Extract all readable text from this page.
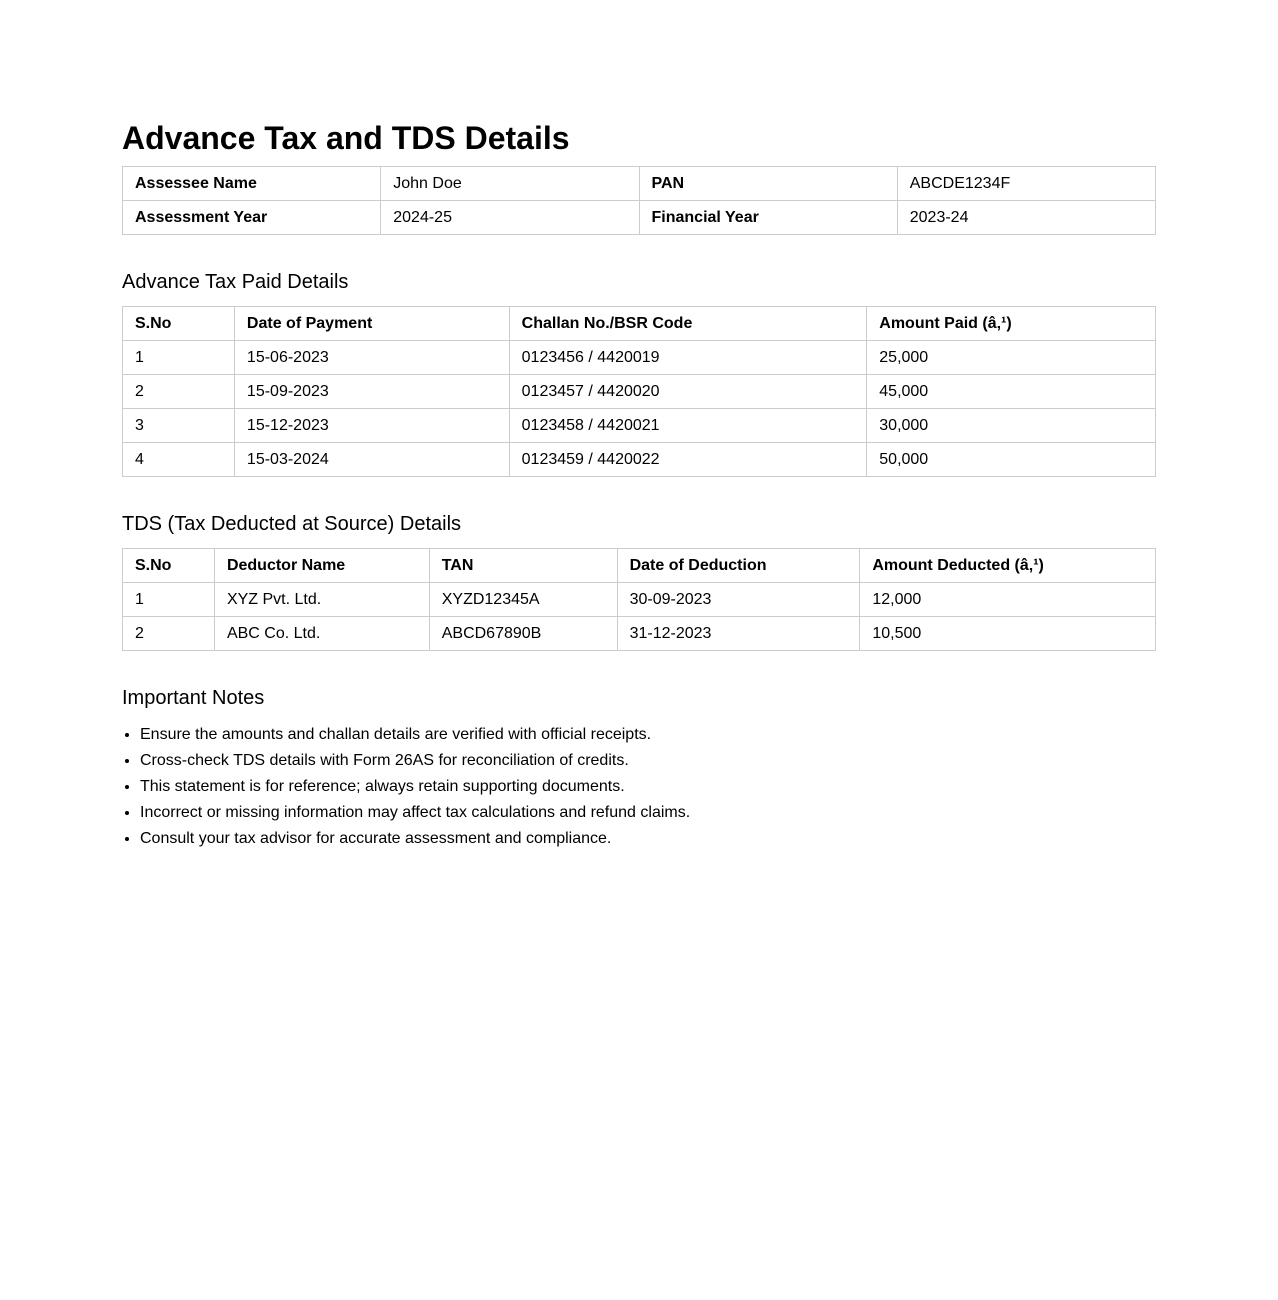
Advance Tax and TDS Details
Assessee Name	John Doe	PAN	ABCDE1234F
Assessment Year	2024-25	Financial Year	2023-24
Advance Tax Paid Details
S.No	Date of Payment	Challan No./BSR Code	Amount Paid (â‚¹)
1	15-06-2023	0123456 / 4420019	25,000
2	15-09-2023	0123457 / 4420020	45,000
3	15-12-2023	0123458 / 4420021	30,000
4	15-03-2024	0123459 / 4420022	50,000
TDS (Tax Deducted at Source) Details
S.No	Deductor Name	TAN	Date of Deduction	Amount Deducted (â‚¹)
1	XYZ Pvt. Ltd.	XYZD12345A	30-09-2023	12,000
2	ABC Co. Ltd.	ABCD67890B	31-12-2023	10,500
Important Notes
• Ensure the amounts and challan details are verified with official receipts.
• Cross-check TDS details with Form 26AS for reconciliation of credits.
• This statement is for reference; always retain supporting documents.
• Incorrect or missing information may affect tax calculations and refund claims.
• Consult your tax advisor for accurate assessment and compliance.
